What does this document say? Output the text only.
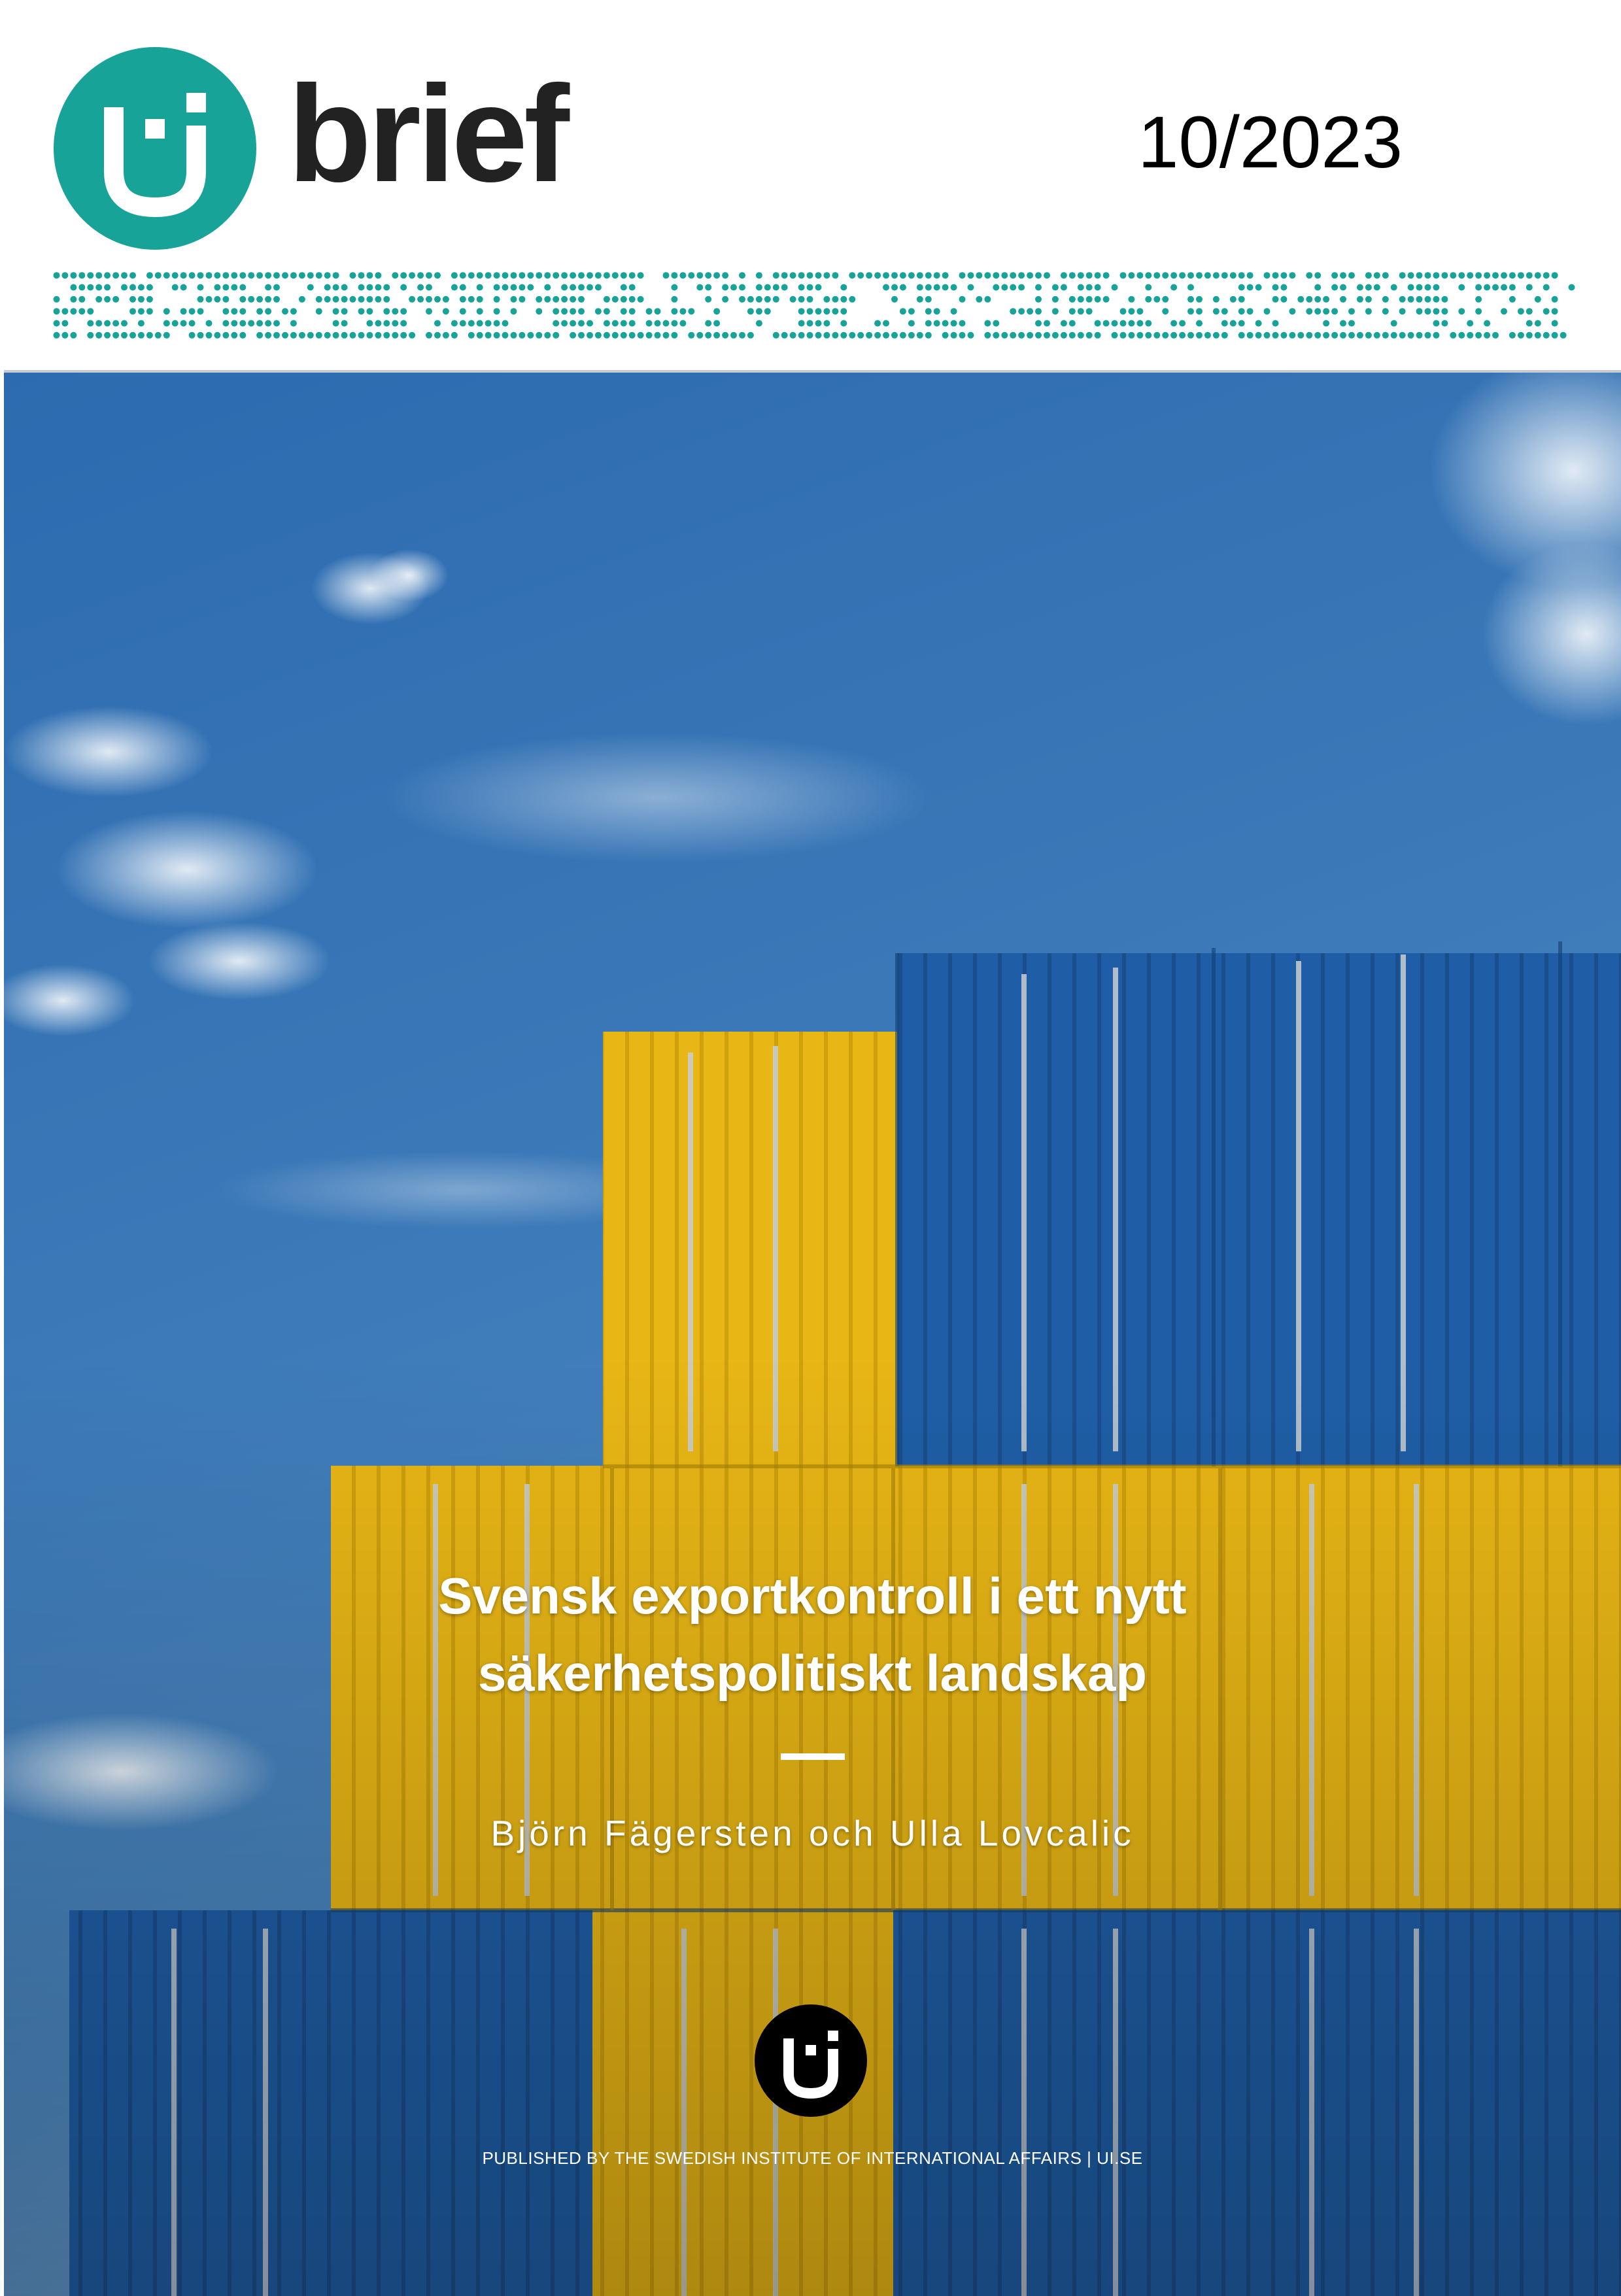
brief	10/2023
Svensk exportkontroll i ett nytt
säkerhetspolitiskt landskap
Björn Fägersten och Ulla Lovcalic
PUBLISHED BY THE SWEDISH INSTITUTE OF INTERNATIONAL AFFAIRS | UI.SE
